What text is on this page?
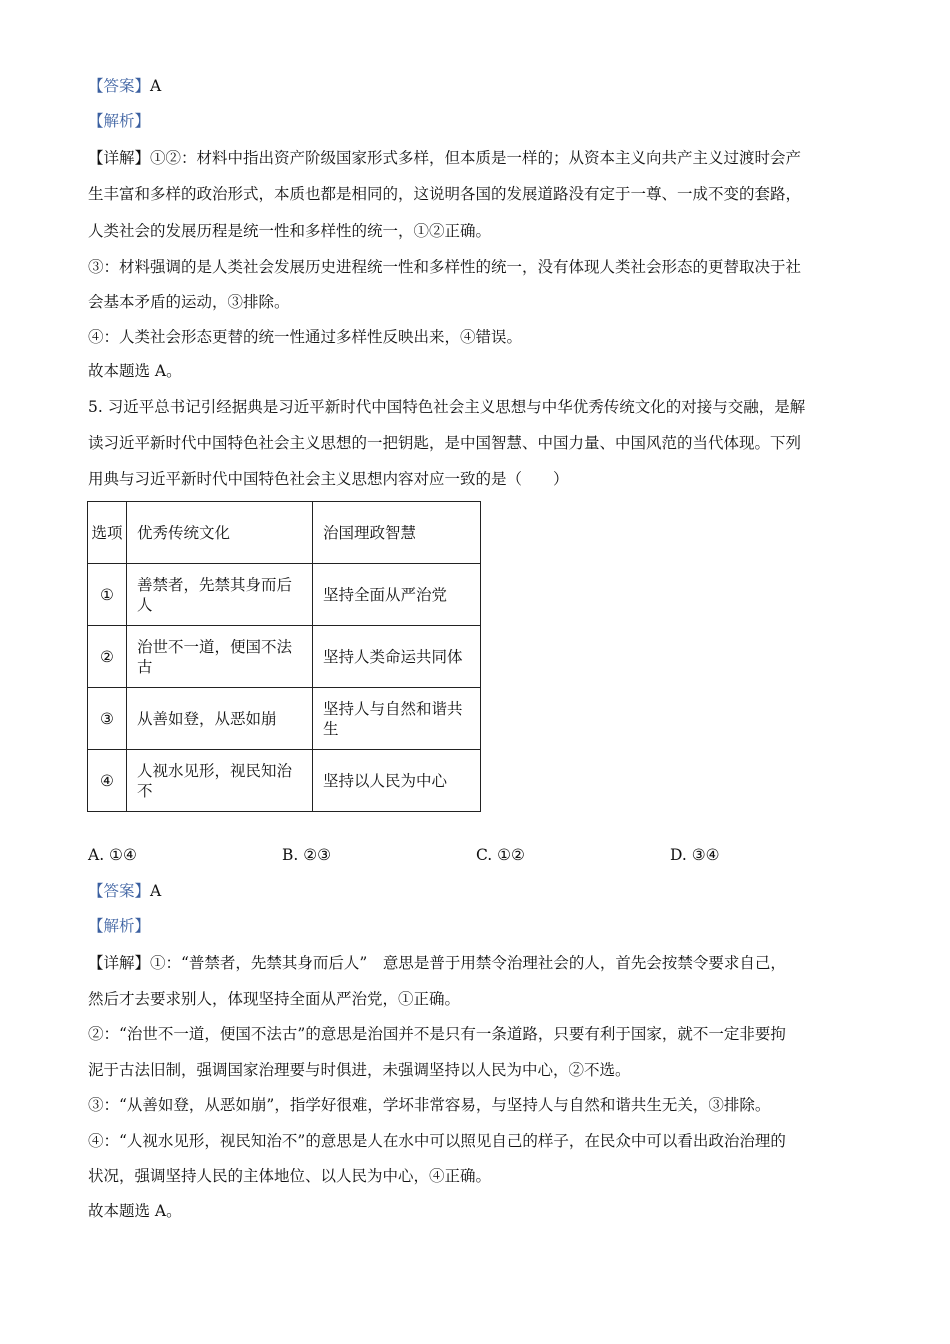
【答案】A
【解析】
【详解】①②：材料中指出资产阶级国家形式多样，但本质是一样的；从资本主义向共产主义过渡时会产
生丰富和多样的政治形式，本质也都是相同的，这说明各国的发展道路没有定于一尊、一成不变的套路，
人类社会的发展历程是统一性和多样性的统一，①②正确。
③：材料强调的是人类社会发展历史进程统一性和多样性的统一，没有体现人类社会形态的更替取决于社
会基本矛盾的运动，③排除。
④：人类社会形态更替的统一性通过多样性反映出来，④错误。
故本题选 A。
5. 习近平总书记引经据典是习近平新时代中国特色社会主义思想与中华优秀传统文化的对接与交融，是解
读习近平新时代中国特色社会主义思想的一把钥匙，是中国智慧、中国力量、中国风范的当代体现。下列
用典与习近平新时代中国特色社会主义思想内容对应一致的是（　　）
选项	优秀传统文化	治国理政智慧
①	善禁者，先禁其身而后人	坚持全面从严治党
②	治世不一道，便国不法古	坚持人类命运共同体
③	从善如登，从恶如崩	坚持人与自然和谐共生
④	人视水见形，视民知治不	坚持以人民为中心
A. ①④	B. ②③	C. ①②	D. ③④
【答案】A
【解析】
【详解】①：“普禁者，先禁其身而后人”　意思是普于用禁令治理社会的人，首先会按禁令要求自己，
然后才去要求别人，体现坚持全面从严治党，①正确。
②：“治世不一道，便国不法古”的意思是治国并不是只有一条道路，只要有利于国家，就不一定非要拘
泥于古法旧制，强调国家治理要与时俱进，未强调坚持以人民为中心，②不选。
③：“从善如登，从恶如崩”，指学好很难，学坏非常容易，与坚持人与自然和谐共生无关，③排除。
④：“人视水见形，视民知治不”的意思是人在水中可以照见自己的样子，在民众中可以看出政治治理的
状况，强调坚持人民的主体地位、以人民为中心，④正确。
故本题选 A。
